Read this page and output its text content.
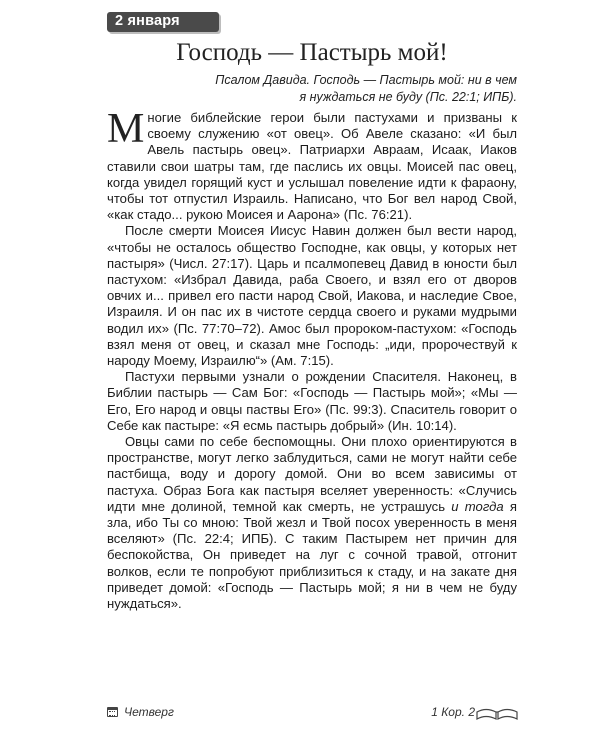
2 января
Господь — Пастырь мой!

Псалом Давида. Господь — Пастырь мой: ни в чем
я нуждаться не буду (Пс. 22:1; ИПБ).

Многие библейские герои были пастухами и призваны к своему служению «от овец». Об Авеле сказано: «И был Авель пастырь овец». Патриархи Авраам, Исаак, Иаков ставили свои шатры там, где паслись их овцы. Моисей пас овец, когда увидел горящий куст и услышал повеление идти к фараону, чтобы тот отпустил Израиль. Написано, что Бог вел народ Свой, «как стадо... рукою Моисея и Аарона» (Пс. 76:21).

После смерти Моисея Иисус Навин должен был вести народ, «чтобы не осталось общество Господне, как овцы, у которых нет пастыря» (Числ. 27:17). Царь и псалмопевец Давид в юности был пастухом: «Избрал Давида, раба Своего, и взял его от дворов овчих и... привел его пасти народ Свой, Иакова, и наследие Свое, Израиля. И он пас их в чистоте сердца своего и руками мудрыми водил их» (Пс. 77:70–72). Амос был пророком-пастухом: «Господь взял меня от овец, и сказал мне Господь: „иди, пророчествуй к народу Моему, Израилю“» (Ам. 7:15).

Пастухи первыми узнали о рождении Спасителя. Наконец, в Библии пастырь — Сам Бог: «Господь — Пастырь мой»; «Мы — Его, Его народ и овцы паствы Его» (Пс. 99:3). Спаситель говорит о Себе как пастыре: «Я есмь пастырь добрый» (Ин. 10:14).

Овцы сами по себе беспомощны. Они плохо ориентируются в пространстве, могут легко заблудиться, сами не могут найти себе пастбища, воду и дорогу домой. Они во всем зависимы от пастуха. Образ Бога как пастыря вселяет уверенность: «Случись идти мне долиной, темной как смерть, не устрашусь и тогда я зла, ибо Ты со мною: Твой жезл и Твой посох уверенность в меня вселяют» (Пс. 22:4; ИПБ). С таким Пастырем нет причин для беспокойства, Он приведет на луг с сочной травой, отгонит волков, если те попробуют приблизиться к стаду, и на закате дня приведет домой: «Господь — Пастырь мой; я ни в чем не буду нуждаться».

Четверг	1 Кор. 2
